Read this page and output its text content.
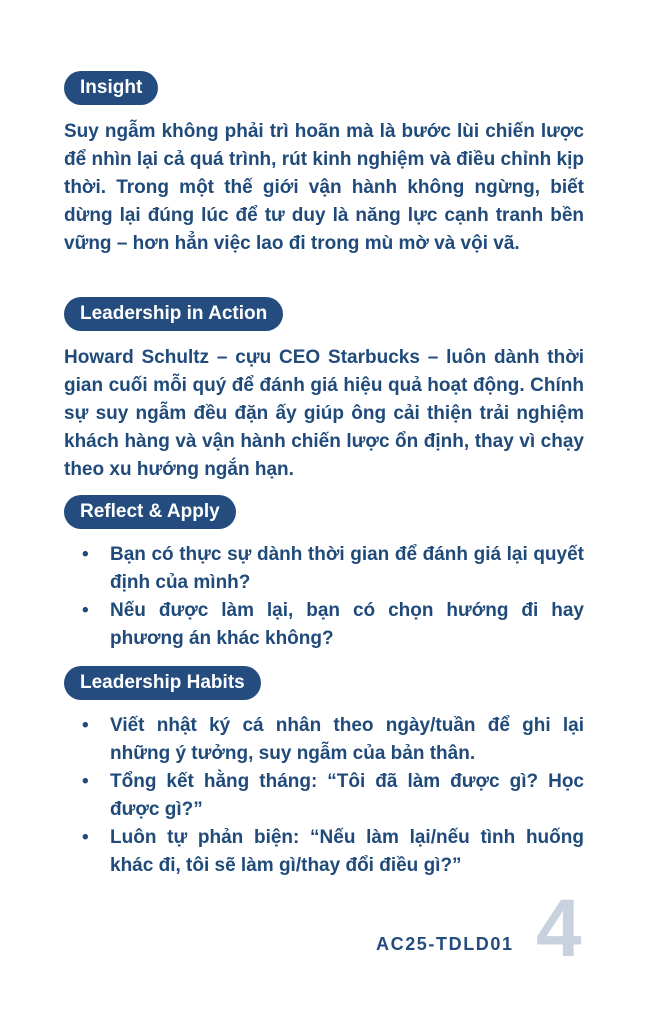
Insight

Suy ngẫm không phải trì hoãn mà là bước lùi chiến lược để nhìn lại cả quá trình, rút kinh nghiệm và điều chỉnh kịp thời. Trong một thế giới vận hành không ngừng, biết dừng lại đúng lúc để tư duy là năng lực cạnh tranh bền vững – hơn hẳn việc lao đi trong mù mờ và vội vã.

Leadership in Action

Howard Schultz – cựu CEO Starbucks – luôn dành thời gian cuối mỗi quý để đánh giá hiệu quả hoạt động. Chính sự suy ngẫm đều đặn ấy giúp ông cải thiện trải nghiệm khách hàng và vận hành chiến lược ổn định, thay vì chạy theo xu hướng ngắn hạn.

Reflect & Apply
• Bạn có thực sự dành thời gian để đánh giá lại quyết định của mình?
• Nếu được làm lại, bạn có chọn hướng đi hay phương án khác không?
Leadership Habits
• Viết nhật ký cá nhân theo ngày/tuần để ghi lại những ý tưởng, suy ngẫm của bản thân.
• Tổng kết hằng tháng: “Tôi đã làm được gì? Học được gì?”
• Luôn tự phản biện: “Nếu làm lại/nếu tình huống khác đi, tôi sẽ làm gì/thay đổi điều gì?”
AC25-TDLD01 4
